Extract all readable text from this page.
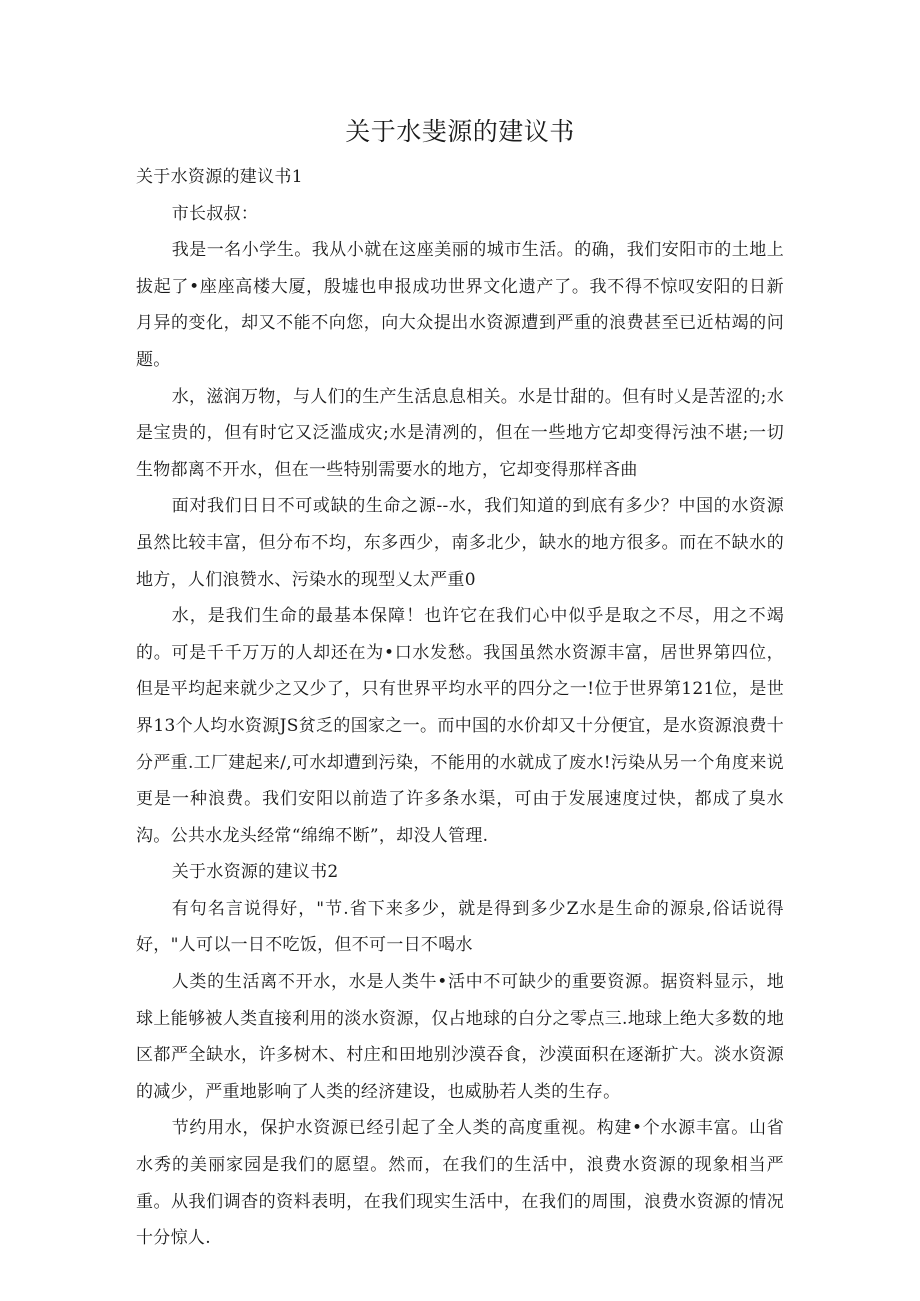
关于水斐源的建议书

关于水资源的建议书1

市长叔叔：

我是一名小学生。我从小就在这座美丽的城市生活。的确，我们安阳市的土地上拔起了•座座高楼大厦，殷墟也申报成功世界文化遗产了。我不得不惊叹安阳的日新月异的变化，却又不能不向您，向大众提出水资源遭到严重的浪费甚至已近枯竭的问题。

水，滋润万物，与人们的生产生活息息相关。水是廿甜的。但有时乂是苦涩的;水是宝贵的，但有时它又泛滥成灾;水是清冽的，但在一些地方它却变得污浊不堪;一切生物都离不开水，但在一些特别需要水的地方，它却变得那样吝曲

面对我们日日不可或缺的生命之源--水，我们知道的到底有多少？中国的水资源虽然比较丰富，但分布不均，东多西少，南多北少，缺水的地方很多。而在不缺水的地方，人们浪赞水、污染水的现型乂太严重0

水，是我们生命的最基本保障！也许它在我们心中似乎是取之不尽，用之不竭的。可是千千万万的人却还在为•口水发愁。我国虽然水资源丰富，居世界第四位，但是平均起来就少之又少了，只有世界平均水平的四分之一!位于世界第121位，是世界13个人均水资源JS贫乏的国家之一。而中国的水价却又十分便宜，是水资源浪费十分严重.工厂建起来/,可水却遭到污染，不能用的水就成了废水!污染从另一个角度来说更是一种浪费。我们安阳以前造了许多条水渠，可由于发展速度过快，都成了臭水沟。公共水龙头经常“绵绵不断”，却没人管理.

关于水资源的建议书2

有句名言说得好，"节.省下来多少，就是得到多少Z水是生命的源泉,俗话说得好，"人可以一日不吃饭，但不可一日不喝水

人类的生活离不开水，水是人类牛•活中不可缺少的重要资源。据资料显示，地球上能够被人类直接利用的淡水资源，仅占地球的白分之零点三.地球上绝大多数的地区都严全缺水，许多树木、村庄和田地别沙漠吞食，沙漠面积在逐渐扩大。淡水资源的减少，严重地影响了人类的经济建设，也威胁若人类的生存。

节约用水，保护水资源已经引起了全人类的高度重视。构建•个水源丰富。山省水秀的美丽家园是我们的愿望。然而，在我们的生活中，浪费水资源的现象相当严重。从我们调杳的资料表明，在我们现实生活中，在我们的周围，浪费水资源的情况十分惊人.
